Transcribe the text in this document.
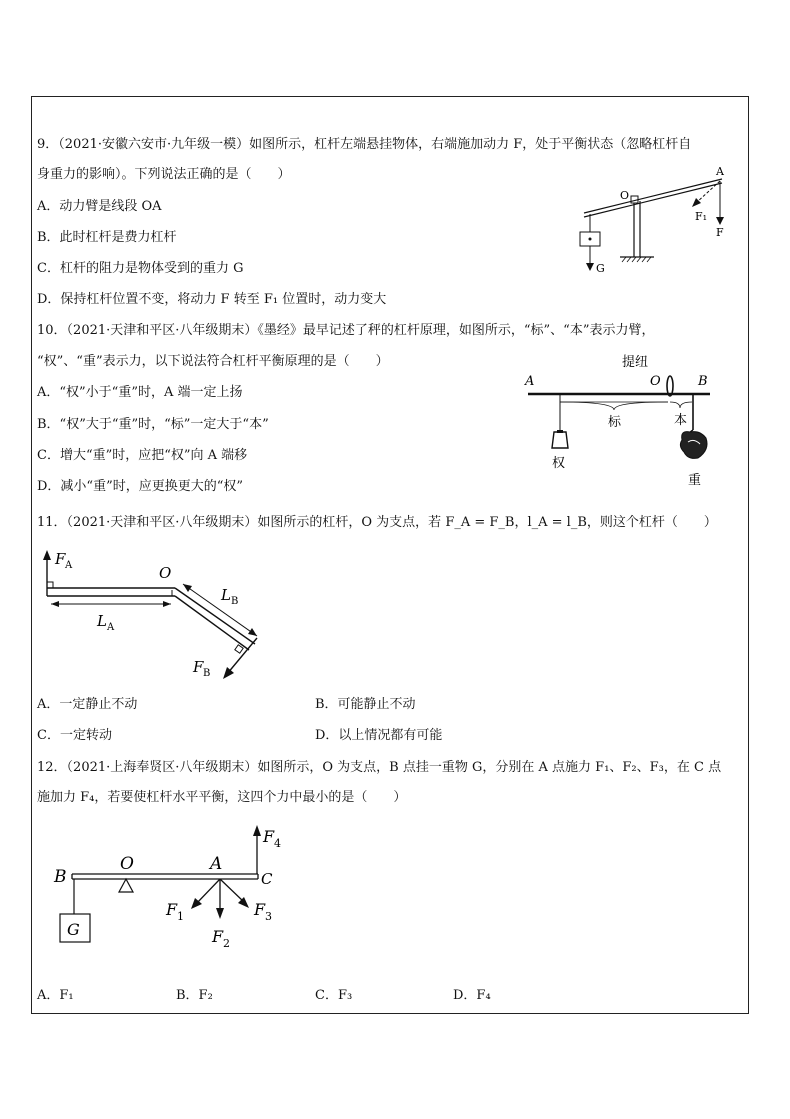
9．（2021·安徽六安市·九年级一模）如图所示，杠杆左端悬挂物体，右端施加动力 F，处于平衡状态（忽略杠杆自
身重力的影响）。下列说法正确的是（　　）
A．动力臂是线段 OA
B．此时杠杆是费力杠杆
C．杠杆的阻力是物体受到的重力 G
D．保持杠杆位置不变，将动力 F 转至 F₁ 位置时，动力变大
G
F
F₁
A
O
10．（2021·天津和平区·八年级期末）《墨经》最早记述了秤的杠杆原理，如图所示，“标”、“本”表示力臂，
“权”、“重”表示力，以下说法符合杠杆平衡原理的是（　　）
A．“权”小于“重”时，A 端一定上扬
B．“权”大于“重”时，“标”一定大于“本”
C．增大“重”时，应把“权”向 A 端移
D．减小“重”时，应更换更大的“权”
提纽
A	O	B
权
标	本
重
11．（2021·天津和平区·八年级期末）如图所示的杠杆，O 为支点，若 F_A = F_B，l_A = l_B，则这个杠杆（　　）
F A
L A
O
L B
F B
A．一定静止不动	B．可能静止不动
C．一定转动	D．以上情况都有可能
12．（2021·上海奉贤区·八年级期末）如图所示，O 为支点，B 点挂一重物 G，分别在 A 点施力 F₁、F₂、F₃，在 C 点
施加力 F₄，若要使杠杆水平平衡，这四个力中最小的是（　　）
B
O	A
C
G
F 4
F 1
F 2
F 3
A．F₁	B．F₂	C．F₃	D．F₄
